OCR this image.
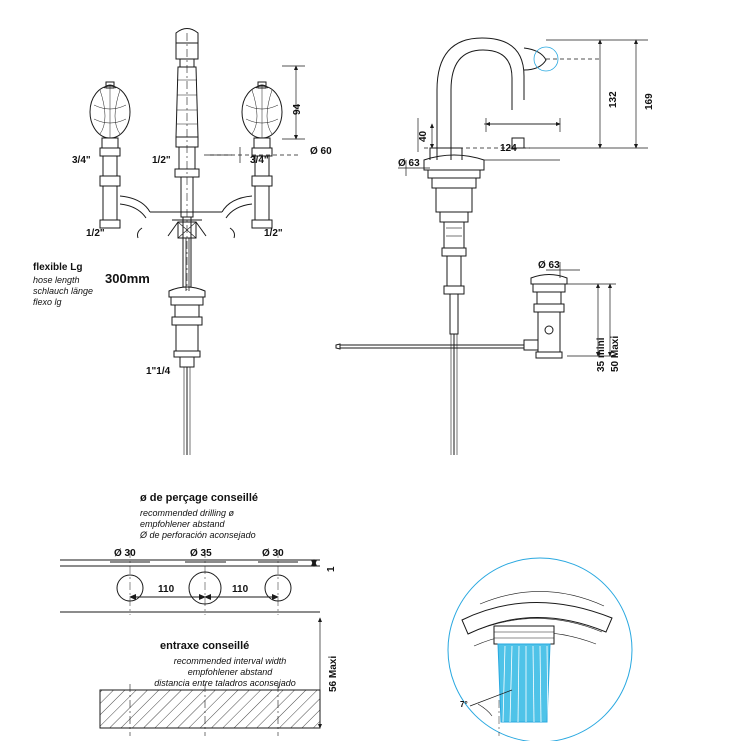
3/4"	1/2"	3/4"
1/2"	1/2"
94
Ø 60
1"1/4
flexible Lg
hose length
schlauch länge
flexo lg
300mm
169
132
40
124
Ø 63
Ø 63
35 mini 50 Maxi
ø de perçage conseillé
recommended drilling ø
empfohlener abstand
Ø de perforación aconsejado
Ø 30	Ø 35	Ø 30
110	110
1
56 Maxi
entraxe conseillé
recommended interval width
empfohlener abstand
distancia entre taladros aconsejado
7°
